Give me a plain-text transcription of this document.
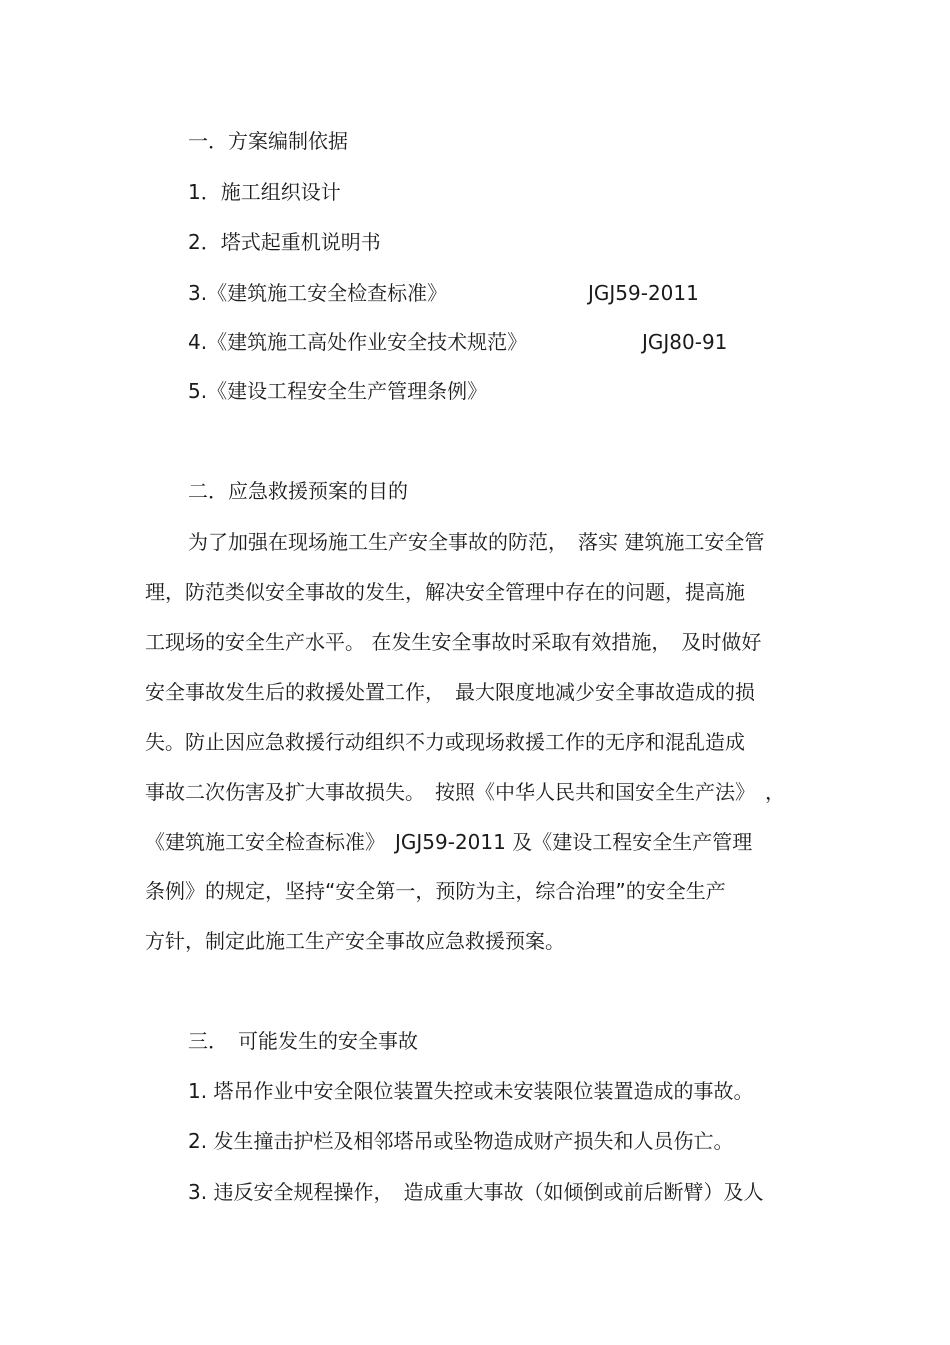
一．方案编制依据
1．施工组织设计
2．塔式起重机说明书
3.《建筑施工安全检查标准》	JGJ59-2011
4.《建筑施工高处作业安全技术规范》	JGJ80-91
5.《建设工程安全生产管理条例》
二．应急救援预案的目的
为了加强在现场施工生产安全事故的防范，　落实 建筑施工安全管
理，防范类似安全事故的发生，解决安全管理中存在的问题，提高施
工现场的安全生产水平。 在发生安全事故时采取有效措施，　及时做好
安全事故发生后的救援处置工作，　最大限度地减少安全事故造成的损
失。防止因应急救援行动组织不力或现场救援工作的无序和混乱造成
事故二次伤害及扩大事故损失。　按照《中华人民共和国安全生产法》　，
《建筑施工安全检查标准》　JGJ59-2011 及《建设工程安全生产管理
条例》的规定，坚持“安全第一，预防为主，综合治理”的安全生产
方针，制定此施工生产安全事故应急救援预案。
三．　可能发生的安全事故
1. 塔吊作业中安全限位装置失控或未安装限位装置造成的事故。
2. 发生撞击护栏及相邻塔吊或坠物造成财产损失和人员伤亡。
3. 违反安全规程操作，　造成重大事故（如倾倒或前后断臂）及人
